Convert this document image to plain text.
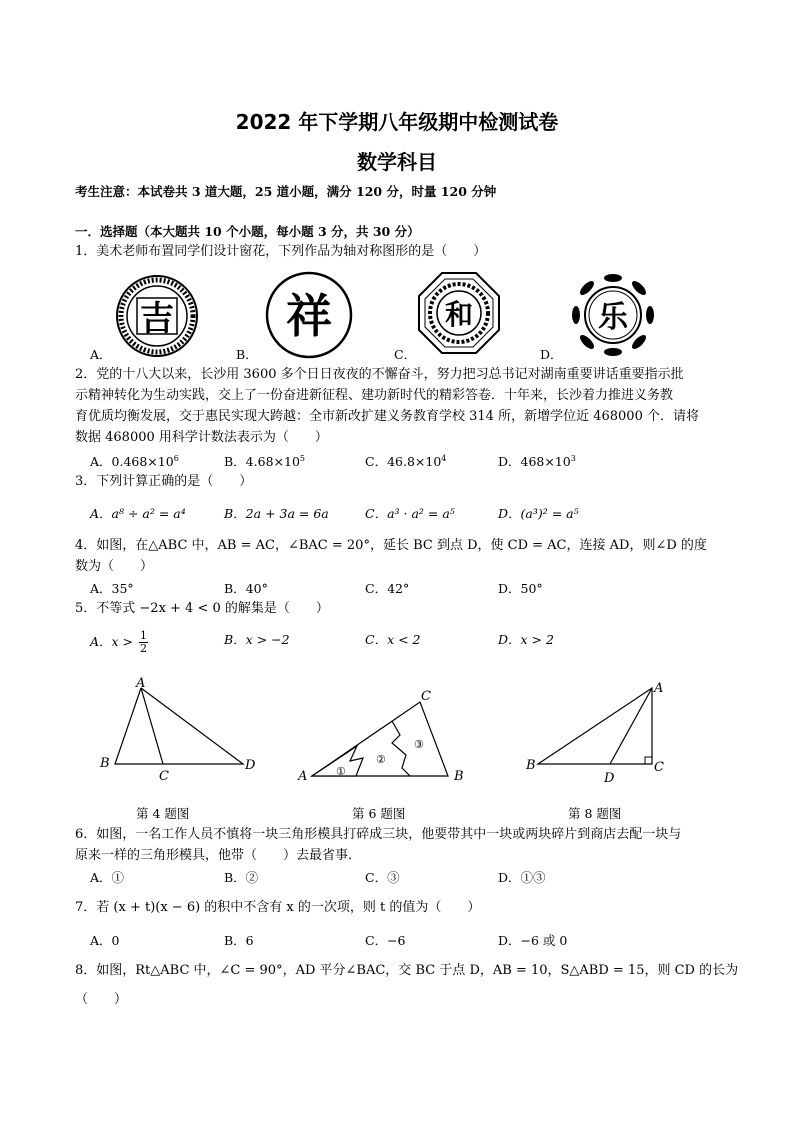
2022 年下学期八年级期中检测试卷
数学科目
考生注意：本试卷共 3 道大题，25 道小题，满分 120 分，时量 120 分钟
一．选择题（本大题共 10 个小题，每小题 3 分，共 30 分）
1．美术老师布置同学们设计窗花，下列作品为轴对称图形的是（　　）
吉 祥	和	乐
A．	B．	C．	D．
2．党的十八大以来，长沙用 3600 多个日日夜夜的不懈奋斗，努力把习总书记对湖南重要讲话重要指示批
示精神转化为生动实践，交上了一份奋进新征程、建功新时代的精彩答卷．十年来，长沙着力推进义务教
育优质均衡发展，交于惠民实现大跨越：全市新改扩建义务教育学校 314 所，新增学位近 468000 个．请将
数据 468000 用科学计数法表示为（　　）
A．$0.468\times 10^6$	B．$4.68\times 10^5$	C．$46.8\times 10^4$	D．$468\times 10^3$
3．下列计算正确的是（　　）
A．a⁸ ÷ a² = a⁴	B．2a + 3a = 6a	C．a³ · a² = a⁵	D．(a³)² = a⁵
4．如图，在△ABC 中，AB = AC，∠BAC = 20°，延长 BC 到点 D，使 CD = AC，连接 AD，则∠D 的度
数为（　　）
A．35°	B．40°	C．42°	D．50°
5．不等式 −2x + 4 < 0 的解集是（　　）
A．$x > \frac{1}{2}$	B．x > −2	C．x < 2	D．x > 2
A
B
C
D
C
A	B
①
②
③
A
B	C
D
第 4 题图	第 6 题图	第 8 题图
6．如图，一名工作人员不慎将一块三角形模具打碎成三块，他要带其中一块或两块碎片到商店去配一块与
原来一样的三角形模具，他带（　　）去最省事．
A．①	B．②	C．③	D．①③
7．若 (x + t)(x − 6) 的积中不含有 x 的一次项，则 t 的值为（　　）
A．0	B．6	C．−6	D．−6 或 0
8．如图，Rt△ABC 中，∠C = 90°，AD 平分∠BAC，交 BC 于点 D，AB = 10，S△ABD = 15，则 CD 的长为
（　　）
